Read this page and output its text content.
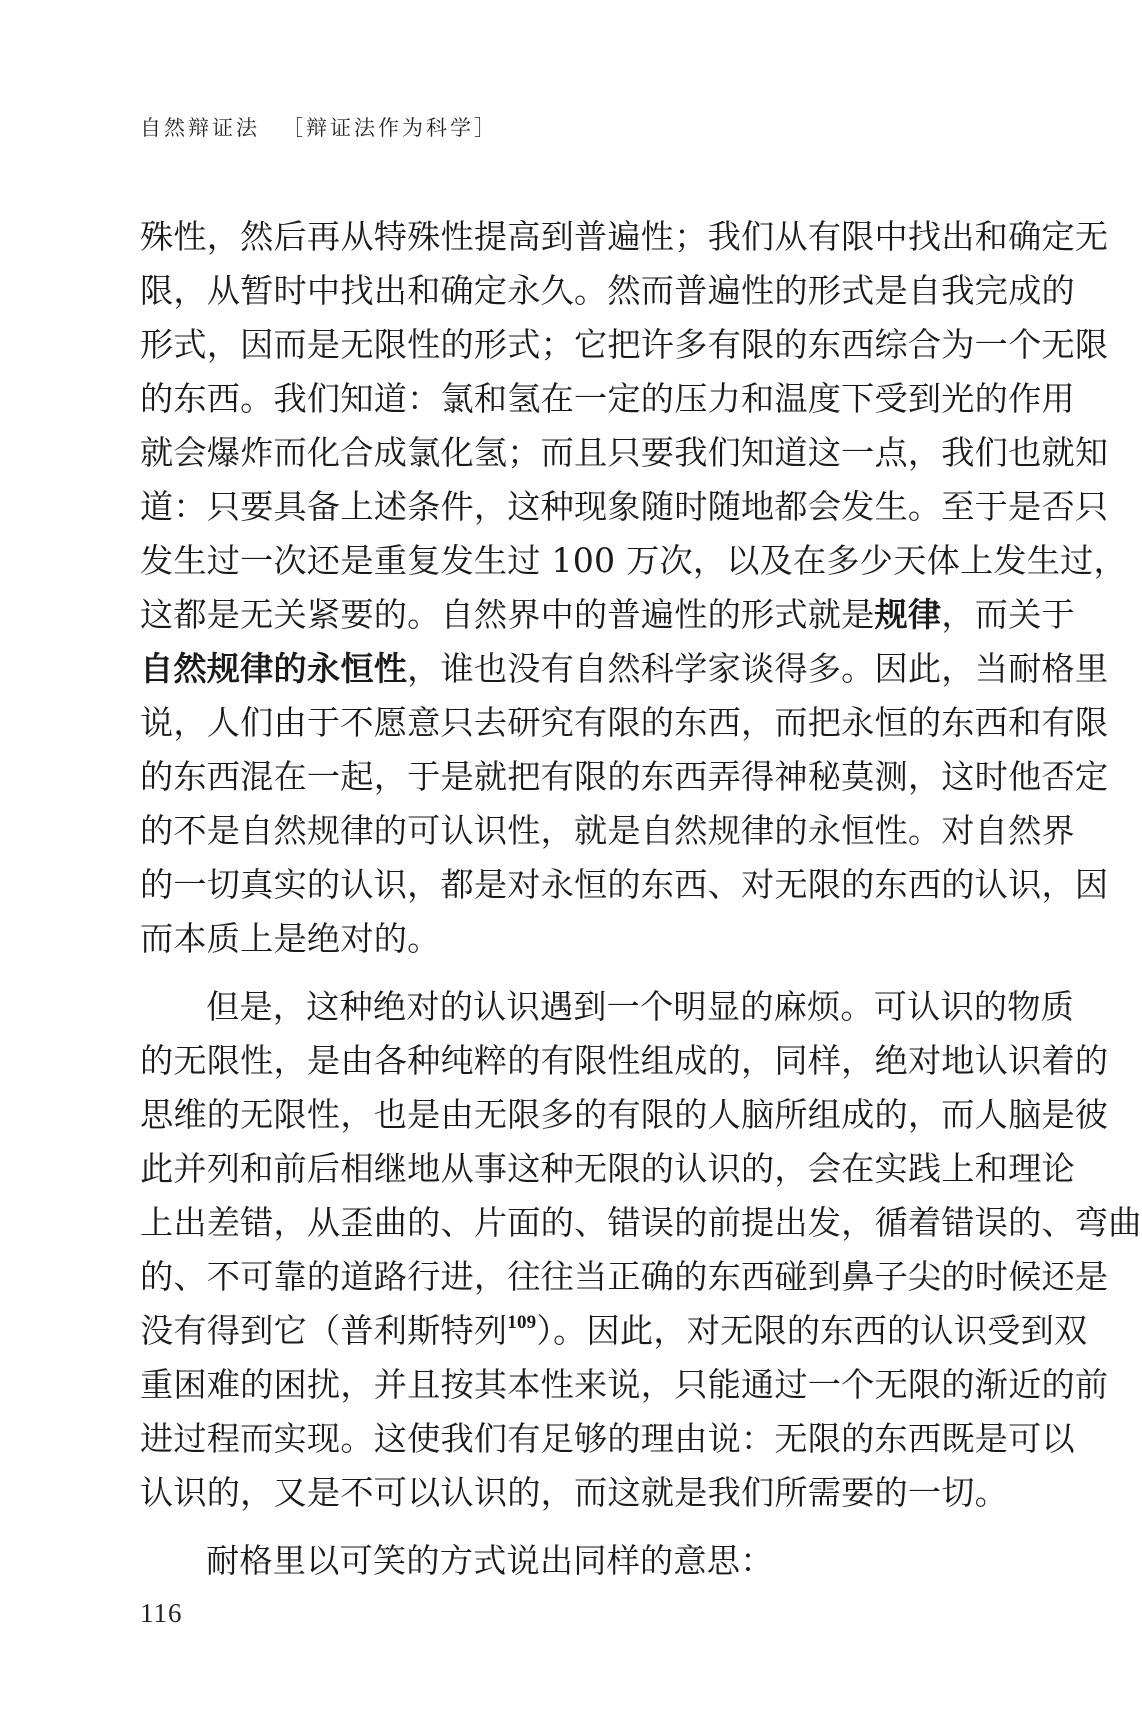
自然辩证法 ［辩证法作为科学］
殊性，然后再从特殊性提高到普遍性；我们从有限中找出和确定无
限，从暂时中找出和确定永久。然而普遍性的形式是自我完成的
形式，因而是无限性的形式；它把许多有限的东西综合为一个无限
的东西。我们知道：氯和氢在一定的压力和温度下受到光的作用
就会爆炸而化合成氯化氢；而且只要我们知道这一点，我们也就知
道：只要具备上述条件，这种现象随时随地都会发生。至于是否只
发生过一次还是重复发生过 100 万次，以及在多少天体上发生过，
这都是无关紧要的。自然界中的普遍性的形式就是规律，而关于
自然规律的永恒性，谁也没有自然科学家谈得多。因此，当耐格里
说，人们由于不愿意只去研究有限的东西，而把永恒的东西和有限
的东西混在一起，于是就把有限的东西弄得神秘莫测，这时他否定
的不是自然规律的可认识性，就是自然规律的永恒性。对自然界
的一切真实的认识，都是对永恒的东西、对无限的东西的认识，因
而本质上是绝对的。
但是，这种绝对的认识遇到一个明显的麻烦。可认识的物质
的无限性，是由各种纯粹的有限性组成的，同样，绝对地认识着的
思维的无限性，也是由无限多的有限的人脑所组成的，而人脑是彼
此并列和前后相继地从事这种无限的认识的，会在实践上和理论
上出差错，从歪曲的、片面的、错误的前提出发，循着错误的、弯曲
的、不可靠的道路行进，往往当正确的东西碰到鼻子尖的时候还是
没有得到它（普利斯特列$^{109}$）。因此，对无限的东西的认识受到双
重困难的困扰，并且按其本性来说，只能通过一个无限的渐近的前
进过程而实现。这使我们有足够的理由说：无限的东西既是可以
认识的，又是不可以认识的，而这就是我们所需要的一切。
耐格里以可笑的方式说出同样的意思：
116
